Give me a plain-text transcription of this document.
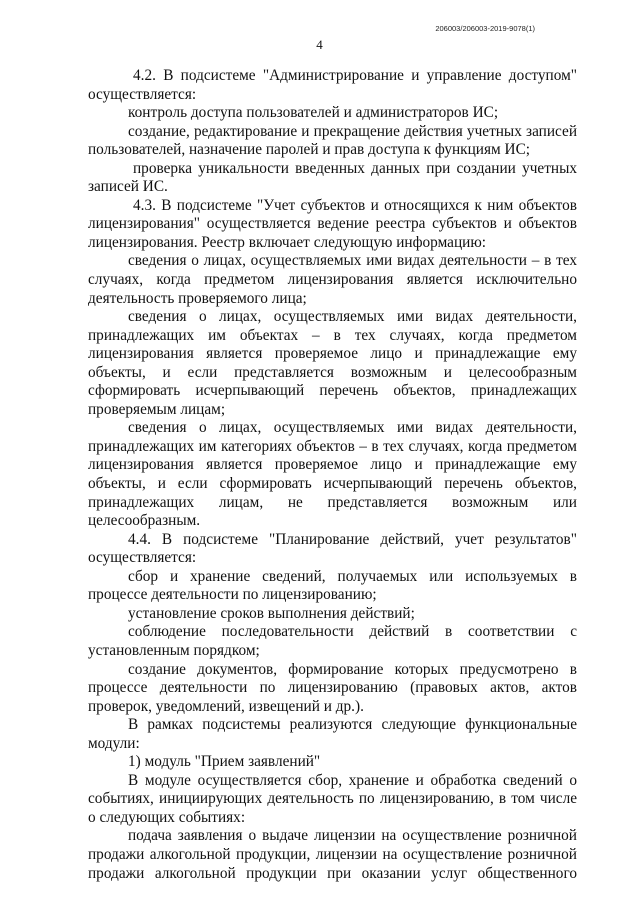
206003/206003-2019-9078(1)
4

4.2. В подсистеме "Администрирование и управление доступом" осуществляется:

контроль доступа пользователей и администраторов ИС;

создание, редактирование и прекращение действия учетных записей пользователей, назначение паролей и прав доступа к функциям ИС;

проверка уникальности введенных данных при создании учетных записей ИС.

4.3. В подсистеме "Учет субъектов и относящихся к ним объектов лицензирования" осуществляется ведение реестра субъектов и объектов лицензирования. Реестр включает следующую информацию:

сведения о лицах, осуществляемых ими видах деятельности – в тех случаях, когда предметом лицензирования является исключительно деятельность проверяемого лица;

сведения о лицах, осуществляемых ими видах деятельности, принадлежащих им объектах – в тех случаях, когда предметом лицензирования является проверяемое лицо и принадлежащие ему объекты, и если представляется возможным и целесообразным сформировать исчерпывающий перечень объектов, принадлежащих проверяемым лицам;

сведения о лицах, осуществляемых ими видах деятельности, принадлежащих им категориях объектов – в тех случаях, когда предметом лицензирования является проверяемое лицо и принадлежащие ему объекты, и если сформировать исчерпывающий перечень объектов, принадлежащих лицам, не представляется возможным или целесообразным.

4.4. В подсистеме "Планирование действий, учет результатов" осуществляется:

сбор и хранение сведений, получаемых или используемых в процессе деятельности по лицензированию;

установление сроков выполнения действий;

соблюдение последовательности действий в соответствии с установленным порядком;

создание документов, формирование которых предусмотрено в процессе деятельности по лицензированию (правовых актов, актов проверок, уведомлений, извещений и др.).

В рамках подсистемы реализуются следующие функциональные модули:

1) модуль "Прием заявлений"

В модуле осуществляется сбор, хранение и обработка сведений о событиях, инициирующих деятельность по лицензированию, в том числе о следующих событиях:

подача заявления о выдаче лицензии на осуществление розничной продажи алкогольной продукции, лицензии на осуществление розничной продажи алкогольной продукции при оказании услуг общественного
